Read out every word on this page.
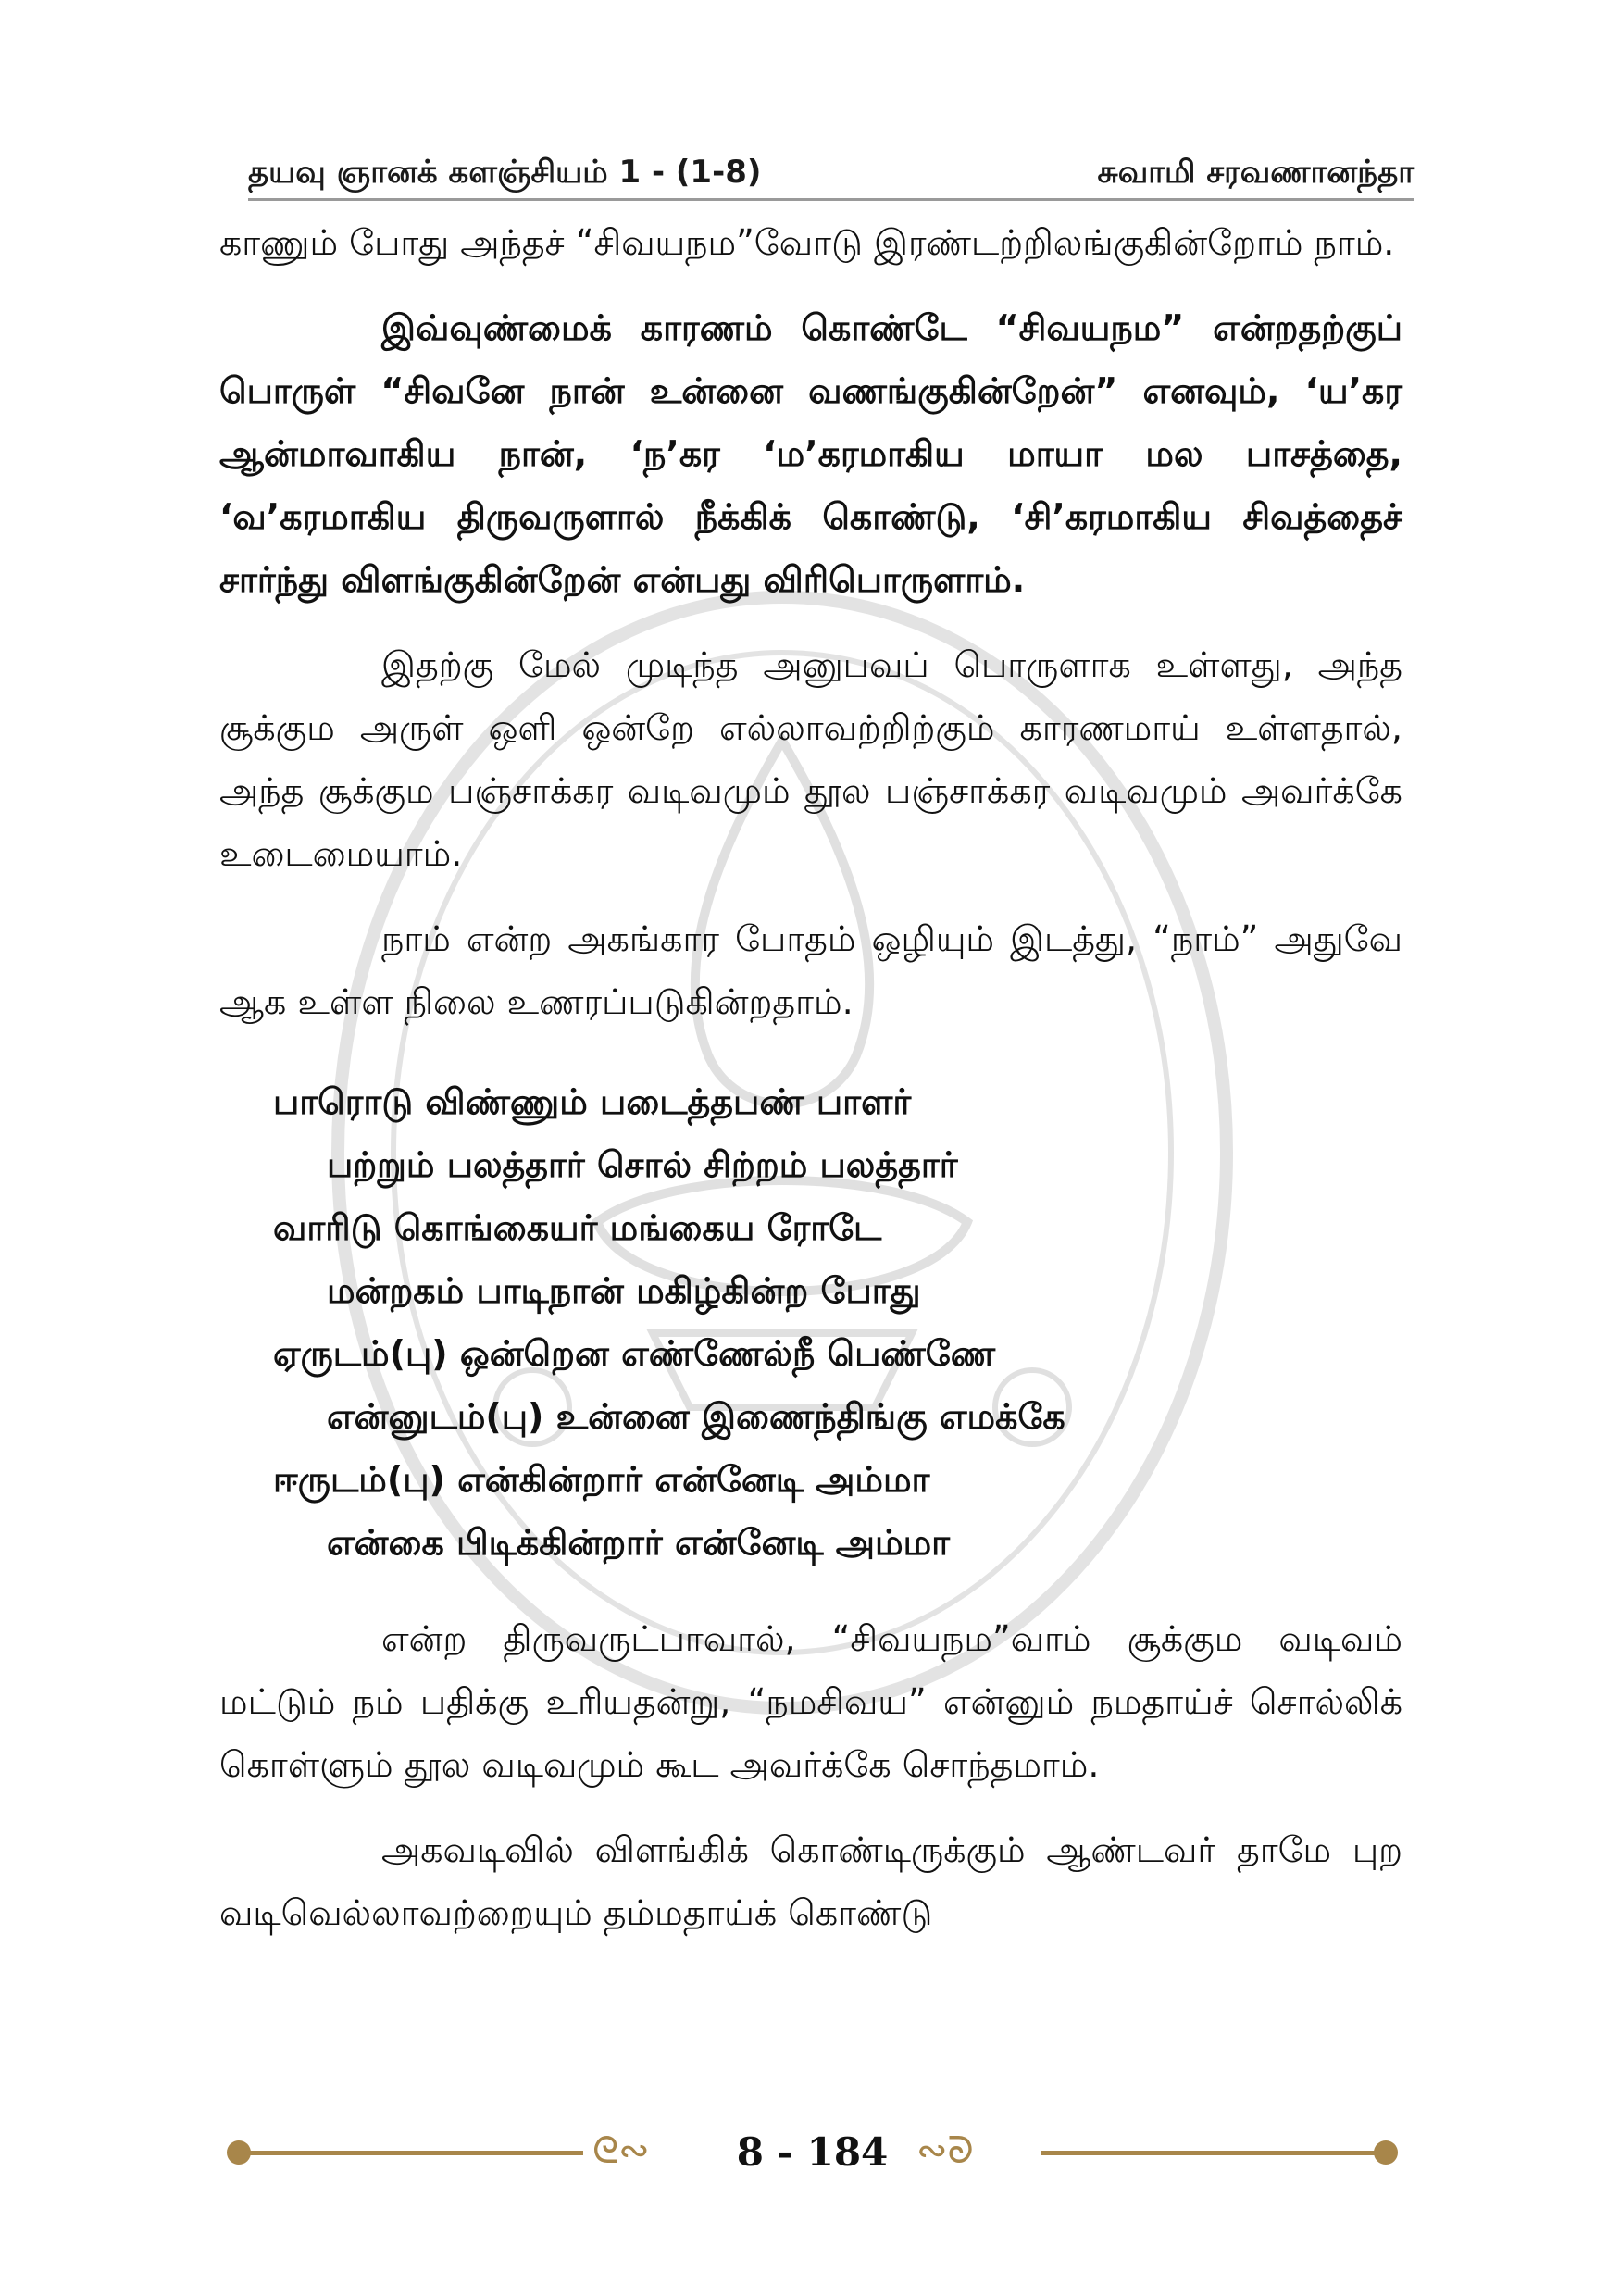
தயவு ஞானக் களஞ்சியம் 1 - (1-8)	சுவாமி சரவணானந்தா

காணும் போது அந்தச் “சிவயநம”வோடு இரண்டற்றிலங்குகின்றோம் நாம்.

இவ்வுண்மைக் காரணம் கொண்டே “சிவயநம” என்றதற்குப் பொருள் “சிவனே நான் உன்னை வணங்குகின்றேன்” எனவும், ‘ய’கர ஆன்மாவாகிய நான், ‘ந’கர ‘ம’கரமாகிய மாயா மல பாசத்தை, ‘வ’கரமாகிய திருவருளால் நீக்கிக் கொண்டு, ‘சி’கரமாகிய சிவத்தைச் சார்ந்து விளங்குகின்றேன் என்பது விரிபொருளாம்.

இதற்கு மேல் முடிந்த அனுபவப் பொருளாக உள்ளது, அந்த சூக்கும அருள் ஒளி ஒன்றே எல்லாவற்றிற்கும் காரணமாய் உள்ளதால், அந்த சூக்கும பஞ்சாக்கர வடிவமும் தூல பஞ்சாக்கர வடிவமும் அவர்க்கே உடைமையாம்.

நாம் என்ற அகங்கார போதம் ஒழியும் இடத்து, “நாம்” அதுவே ஆக உள்ள நிலை உணரப்படுகின்றதாம்.

பாரொடு விண்ணும் படைத்தபண் பாளர்
பற்றும் பலத்தார் சொல் சிற்றம் பலத்தார்
வாரிடு கொங்கையர் மங்கைய ரோடே
மன்றகம் பாடிநான் மகிழ்கின்ற போது
ஏருடம்(பு) ஒன்றென எண்ணேல்நீ பெண்ணே
என்னுடம்(பு) உன்னை இணைந்திங்கு எமக்கே
ஈருடம்(பு) என்கின்றார் என்னேடி அம்மா
என்கை பிடிக்கின்றார் என்னேடி அம்மா

என்ற திருவருட்பாவால், “சிவயநம”வாம் சூக்கும வடிவம் மட்டும் நம் பதிக்கு உரியதன்று, “நமசிவய” என்னும் நமதாய்ச் சொல்லிக் கொள்ளும் தூல வடிவமும் கூட அவர்க்கே சொந்தமாம்.

அகவடிவில் விளங்கிக் கொண்டிருக்கும் ஆண்டவர் தாமே புற வடிவெல்லாவற்றையும் தம்மதாய்க் கொண்டு

ᘓ∾ 8 - 184 ∾ᘐ
